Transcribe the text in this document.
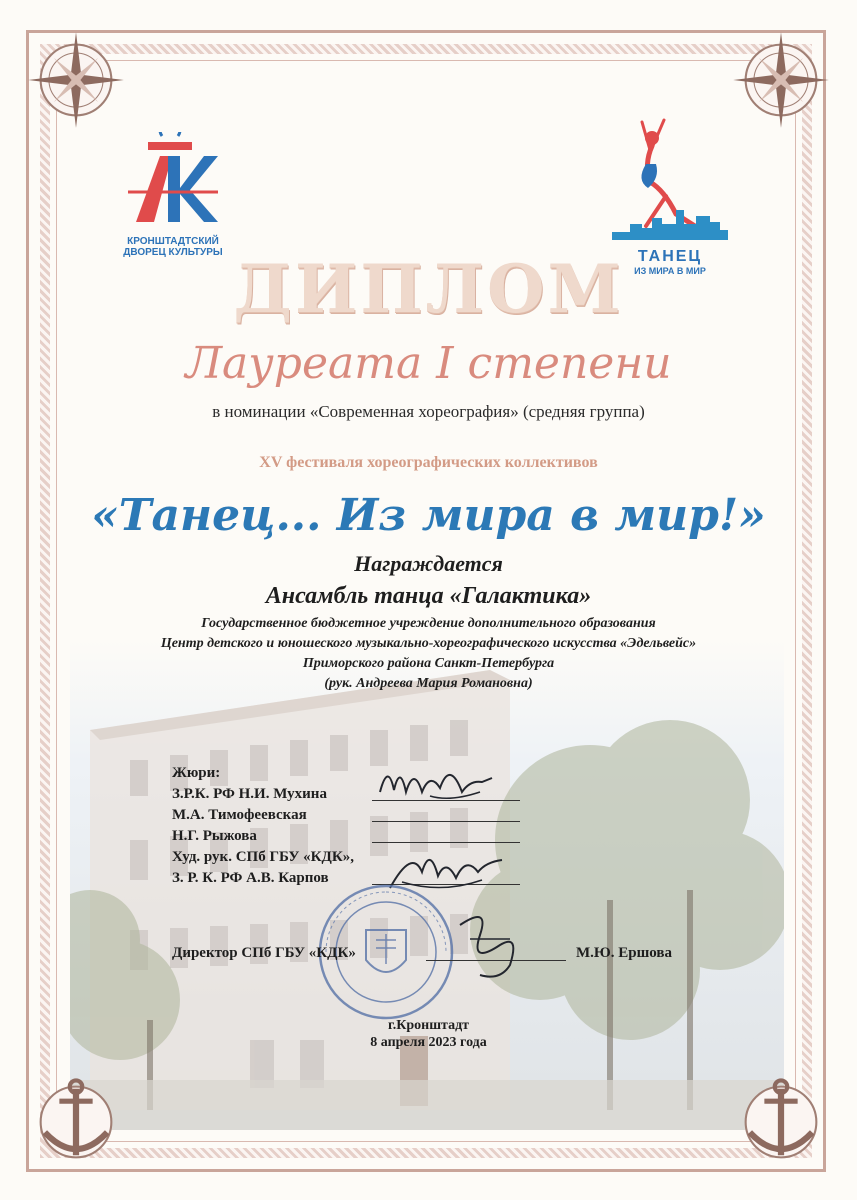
КРОНШТАДТСКИЙ
ДВОРЕЦ КУЛЬТУРЫ	ТАНЕЦ
ИЗ МИРА В МИР
ДИПЛОМ
Лауреата I степени
в номинации «Современная хореография» (средняя группа)
XV фестиваля хореографических коллективов
«Танец... Из мира в мир!»
Награждается
Ансамбль танца «Галактика»
Государственное бюджетное учреждение дополнительного образования
Центр детского и юношеского музыкально-хореографического искусства «Эдельвейс»
Приморского района Санкт-Петербурга
(рук. Андреева Мария Романовна)
Жюри:
З.Р.К. РФ Н.И. Мухина
М.А. Тимофеевская
Н.Г. Рыжова
Худ. рук. СПб ГБУ «КДК»,
З. Р. К. РФ А.В. Карпов
Директор СПб ГБУ «КДК»	М.Ю. Ершова
г.Кронштадт
8 апреля 2023 года
